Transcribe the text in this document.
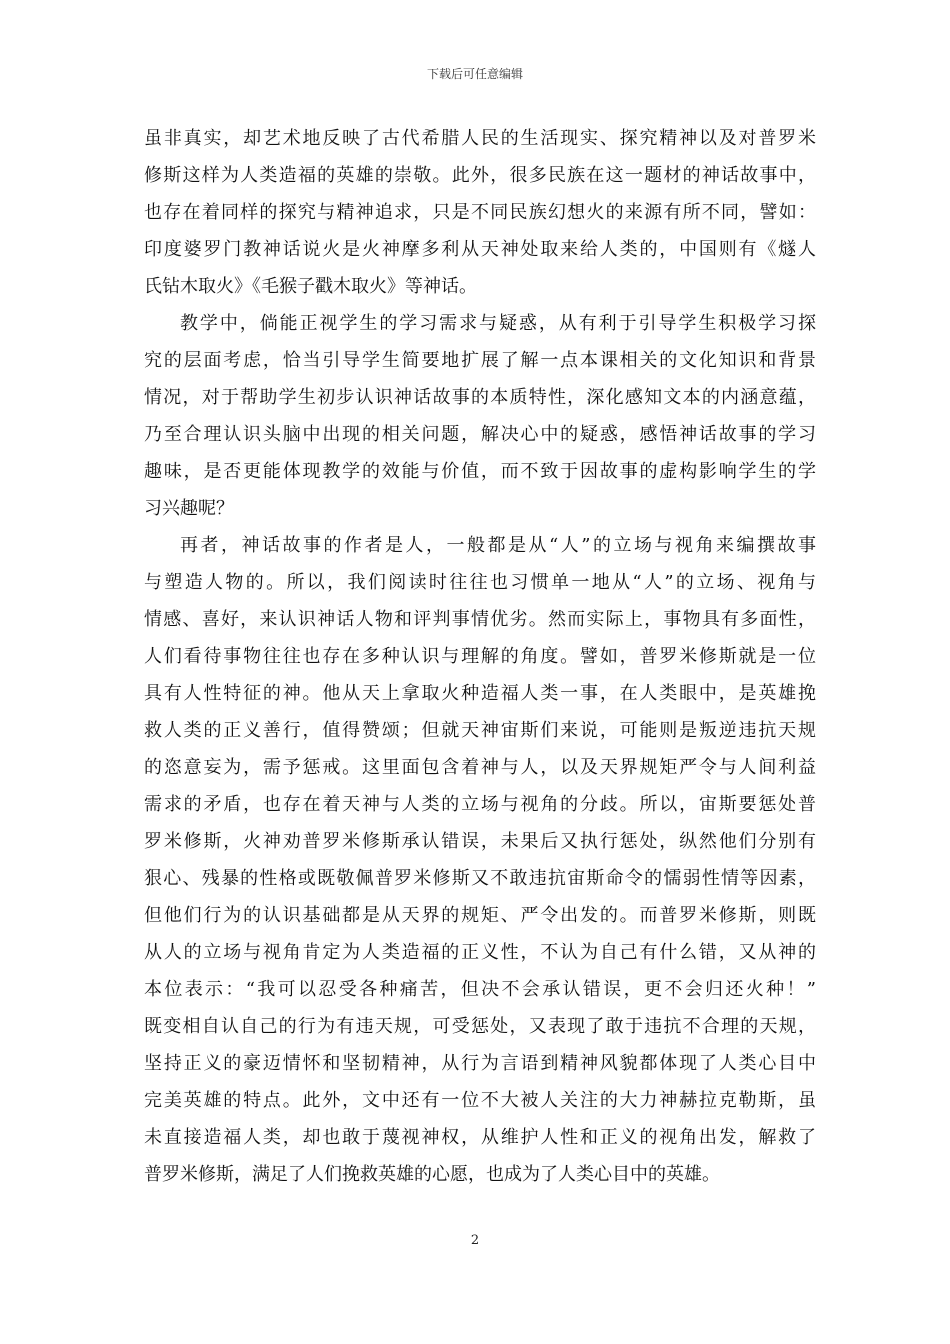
下载后可任意编辑
虽非真实，却艺术地反映了古代希腊人民的生活现实、探究精神以及对普罗米
修斯这样为人类造福的英雄的崇敬。此外，很多民族在这一题材的神话故事中，
也存在着同样的探究与精神追求，只是不同民族幻想火的来源有所不同，譬如：
印度婆罗门教神话说火是火神摩多利从天神处取来给人类的，中国则有《燧人
氏钻木取火》《毛猴子戳木取火》等神话。
教学中，倘能正视学生的学习需求与疑惑，从有利于引导学生积极学习探
究的层面考虑，恰当引导学生简要地扩展了解一点本课相关的文化知识和背景
情况，对于帮助学生初步认识神话故事的本质特性，深化感知文本的内涵意蕴，
乃至合理认识头脑中出现的相关问题，解决心中的疑惑，感悟神话故事的学习
趣味，是否更能体现教学的效能与价值，而不致于因故事的虚构影响学生的学
习兴趣呢？
再者，神话故事的作者是人，一般都是从“人”的立场与视角来编撰故事
与塑造人物的。所以，我们阅读时往往也习惯单一地从“人”的立场、视角与
情感、喜好，来认识神话人物和评判事情优劣。然而实际上，事物具有多面性，
人们看待事物往往也存在多种认识与理解的角度。譬如，普罗米修斯就是一位
具有人性特征的神。他从天上拿取火种造福人类一事，在人类眼中，是英雄挽
救人类的正义善行，值得赞颂；但就天神宙斯们来说，可能则是叛逆违抗天规
的恣意妄为，需予惩戒。这里面包含着神与人，以及天界规矩严令与人间利益
需求的矛盾，也存在着天神与人类的立场与视角的分歧。所以，宙斯要惩处普
罗米修斯，火神劝普罗米修斯承认错误，未果后又执行惩处，纵然他们分别有
狠心、残暴的性格或既敬佩普罗米修斯又不敢违抗宙斯命令的懦弱性情等因素，
但他们行为的认识基础都是从天界的规矩、严令出发的。而普罗米修斯，则既
从人的立场与视角肯定为人类造福的正义性，不认为自己有什么错，又从神的
本位表示：“我可以忍受各种痛苦，但决不会承认错误，更不会归还火种！”
既变相自认自己的行为有违天规，可受惩处，又表现了敢于违抗不合理的天规，
坚持正义的豪迈情怀和坚韧精神，从行为言语到精神风貌都体现了人类心目中
完美英雄的特点。此外，文中还有一位不大被人关注的大力神赫拉克勒斯，虽
未直接造福人类，却也敢于蔑视神权，从维护人性和正义的视角出发，解救了
普罗米修斯，满足了人们挽救英雄的心愿，也成为了人类心目中的英雄。
2
